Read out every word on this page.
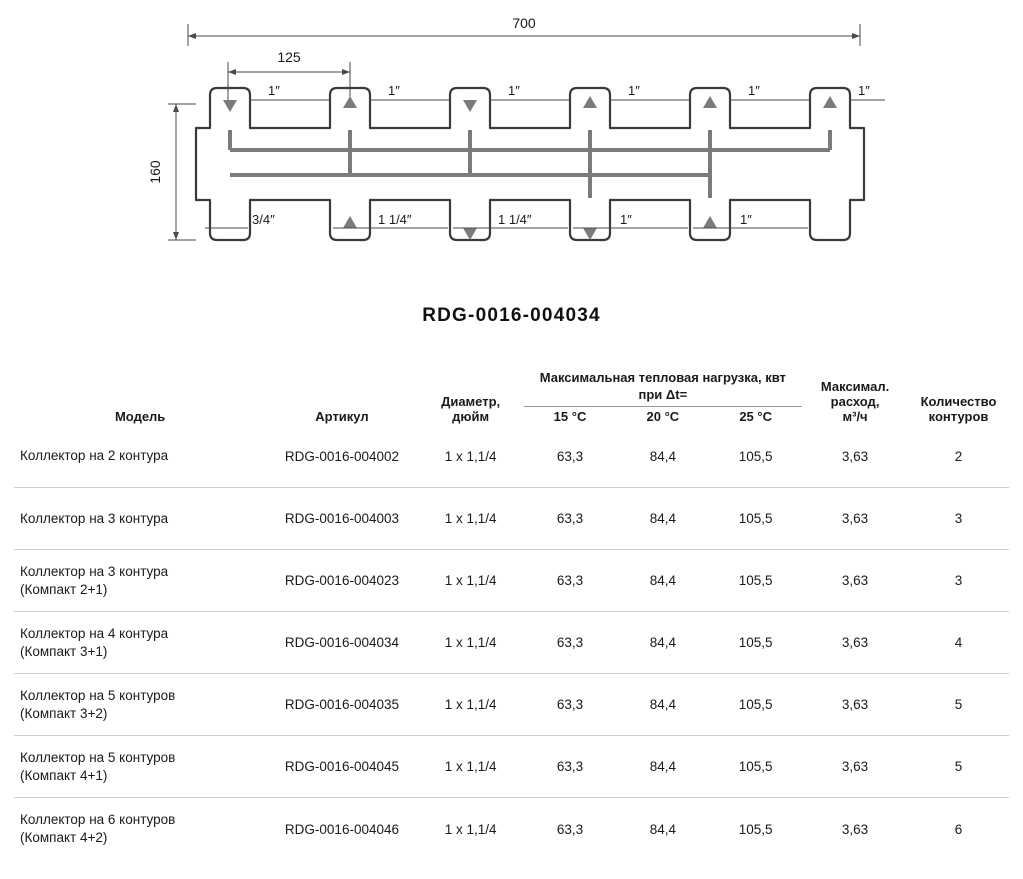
700
125
160
1″	1″	1″	1″	1″	1″
3/4″	1 1/4″	1 1/4″	1″	1″
RDG-0016-004034
Модель	Артикул	
Диаметр,
дюйм

Максимальная тепловая нагрузка, квт
при Δt=

Максимал.
расход,
м³/ч

Количество
контуров

			15 °C	20 °C	25 °C		

Коллектор на 2 контура	RDG-0016-004002	1 x 1,1/4	63,3	84,4	105,5	3,63	2

Коллектор на 3 контура	RDG-0016-004003	1 x 1,1/4	63,3	84,4	105,5	3,63	3

Коллектор на 3 контура
(Компакт 2+1)	RDG-0016-004023	1 x 1,1/4	63,3	84,4	105,5	3,63	3

Коллектор на 4 контура
(Компакт 3+1)	RDG-0016-004034	1 x 1,1/4	63,3	84,4	105,5	3,63	4

Коллектор на 5 контуров
(Компакт 3+2)	RDG-0016-004035	1 x 1,1/4	63,3	84,4	105,5	3,63	5

Коллектор на 5 контуров
(Компакт 4+1)	RDG-0016-004045	1 x 1,1/4	63,3	84,4	105,5	3,63	5

Коллектор на 6 контуров
(Компакт 4+2)	RDG-0016-004046	1 x 1,1/4	63,3	84,4	105,5	3,63	6
